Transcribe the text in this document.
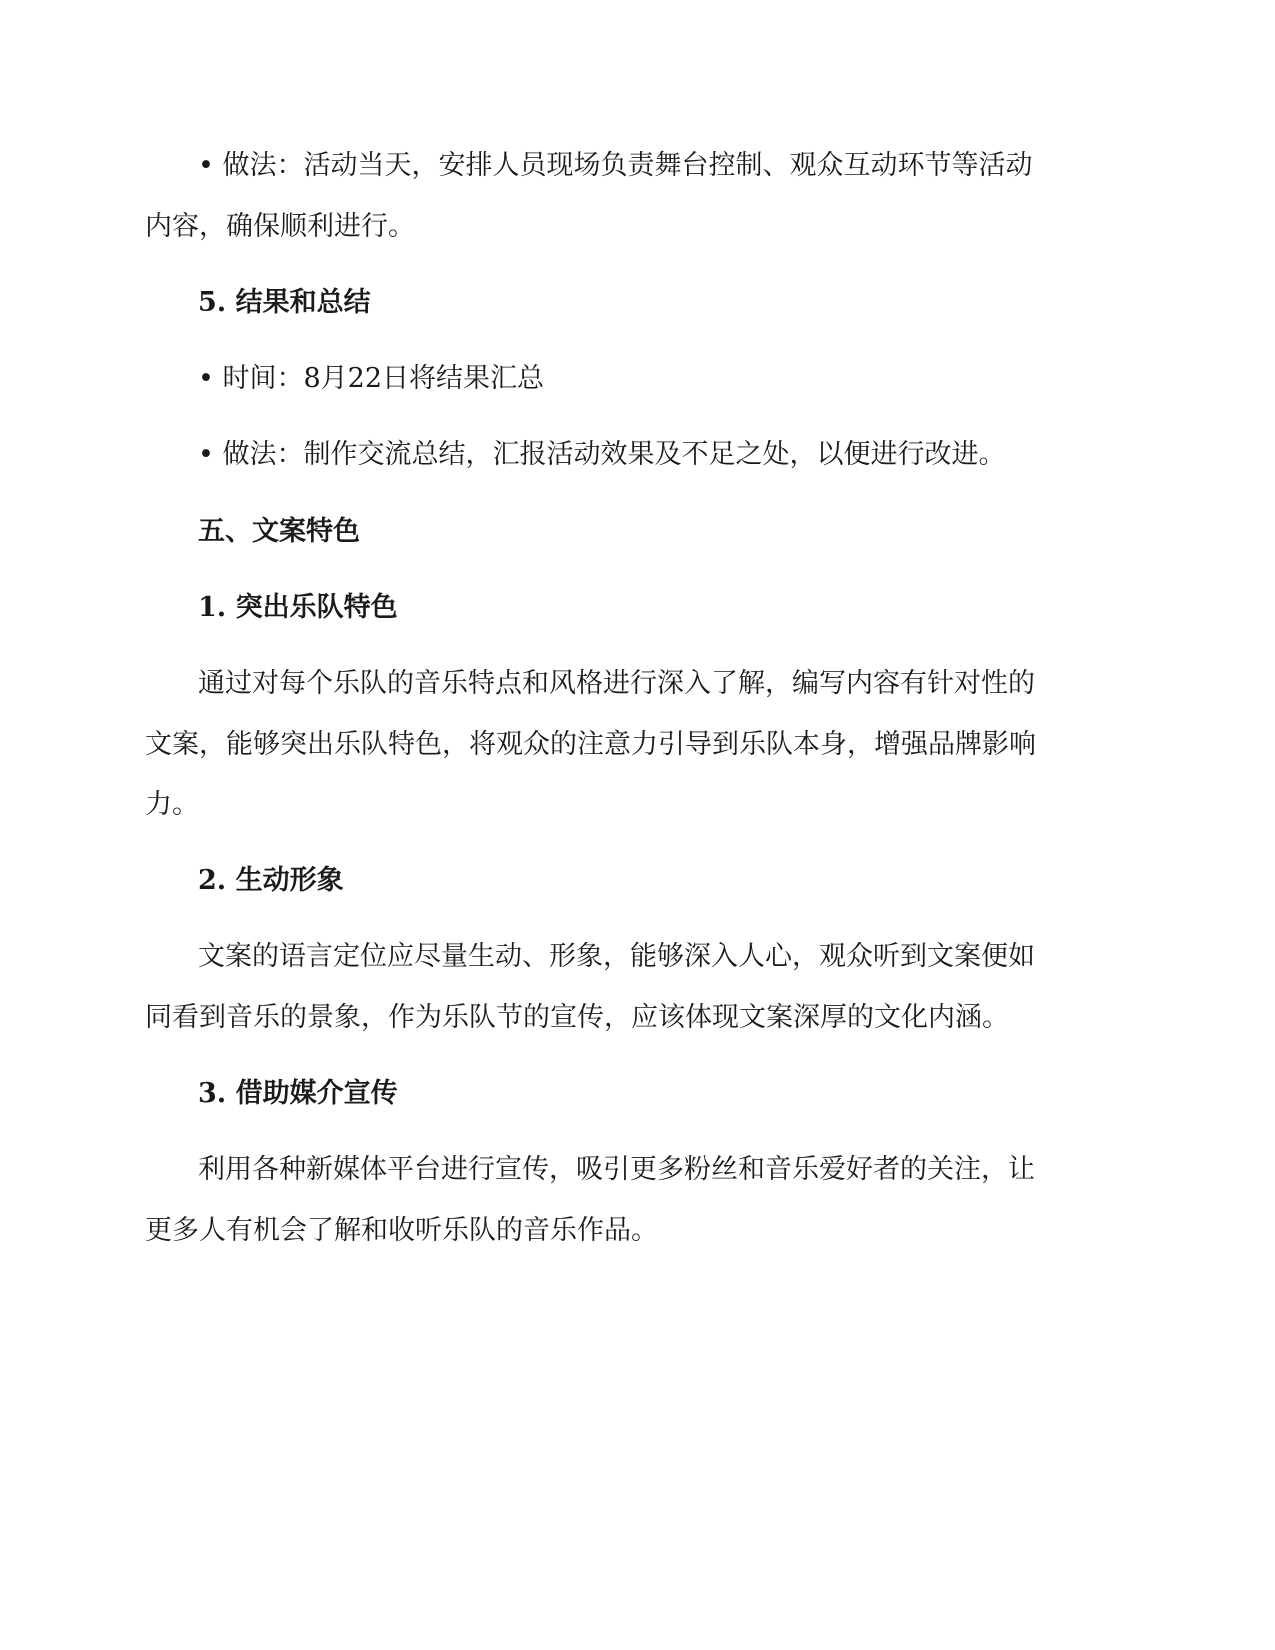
• 做法：活动当天，安排人员现场负责舞台控制、观众互动环节等活动

内容，确保顺利进行。

5. 结果和总结

• 时间：8月22日将结果汇总

• 做法：制作交流总结，汇报活动效果及不足之处，以便进行改进。

五、文案特色

1. 突出乐队特色

通过对每个乐队的音乐特点和风格进行深入了解，编写内容有针对性的

文案，能够突出乐队特色，将观众的注意力引导到乐队本身，增强品牌影响

力。

2. 生动形象

文案的语言定位应尽量生动、形象，能够深入人心，观众听到文案便如

同看到音乐的景象，作为乐队节的宣传，应该体现文案深厚的文化内涵。

3. 借助媒介宣传

利用各种新媒体平台进行宣传，吸引更多粉丝和音乐爱好者的关注，让

更多人有机会了解和收听乐队的音乐作品。
